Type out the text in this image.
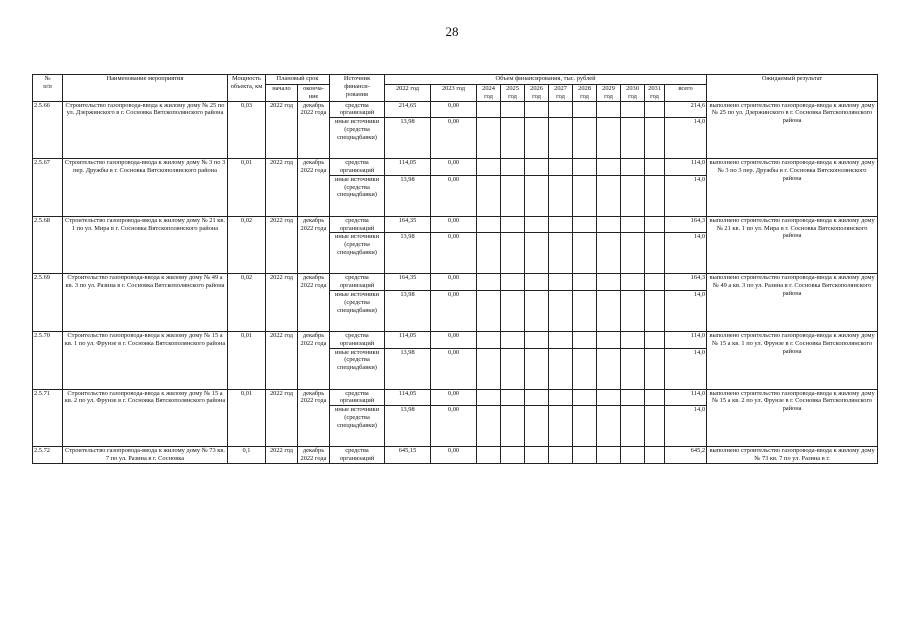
28
№
п/п	Наименование мероприятия	Мощность объекта, км	Плановый срок		Источник
финанси-
рования	Объем финансирования, тыс. рублей											Ожидаемый результат
			начало	оконча-
ние		2022 год	2023 год	2024 год	2025 год	2026 год	2027 год	2028 год	2029 год	2030 год	2031 год	всего	

2.5.66	Строительство газопровода-ввода к жилому дому № 25 по ул. Дзержинского в г. Сосновка Вятскополянского района	0,03	2022 год	декабрь 2022 года	средства организаций	214,65	0,00									214,6	выполнено строительство газопровода-ввода к жилому дому № 25 по ул. Дзержинского в г. Сосновка Вятскополянского района
					иные источники (средства спецнадбавки)	13,98	0,00									14,0	
2.5.67	Строительство газопровода-ввода к жилому дому № 3 по 3 пер. Дружбы в г. Сосновка Вятскополянского района	0,01	2022 год	декабрь 2022 года	средства организаций	114,05	0,00									114,0	выполнено строительство газопровода-ввода к жилому дому № 3 по 3 пер. Дружбы в г. Сосновка Вятскополянского района
					иные источники (средства спецнадбавки)	13,98	0,00									14,0	
2.5.68	Строительство газопровода-ввода к жилому дому № 21 кв. 1 по ул. Мира в г. Сосновка Вятскополянского района	0,02	2022 год	декабрь 2022 года	средства организаций	164,35	0,00									164,3	выполнено строительство газопровода-ввода к жилому дому № 21 кв. 1 по ул. Мира в г. Сосновка Вятскополянского района
					иные источники (средства спецнадбавки)	13,98	0,00									14,0	
2.5.69	Строительство газопровода-ввода к жилому дому № 49 а кв. 3 по ул. Разина в г. Сосновка Вятскополянского района	0,02	2022 год	декабрь 2022 года	средства организаций	164,35	0,00									164,3	выполнено строительство газопровода-ввода к жилому дому № 49 а кв. 3 по ул. Разина в г. Сосновка Вятскополянского района
					иные источники (средства спецнадбавки)	13,98	0,00									14,0	
2.5.70	Строительство газопровода-ввода к жилому дому № 15 а кв. 1 по ул. Фрунзе в г. Сосновка Вятскополянского района	0,01	2022 год	декабрь 2022 года	средства организаций	114,05	0,00									114,0	выполнено строительство газопровода-ввода к жилому дому № 15 а кв. 1 по ул. Фрунзе в г. Сосновка Вятскополянского района
					иные источники (средства спецнадбавки)	13,98	0,00									14,0	
2.5.71	Строительство газопровода-ввода к жилому дому № 15 а кв. 2 по ул. Фрунзе в г. Сосновка Вятскополянского района	0,01	2022 год	декабрь 2022 года	средства организаций	114,05	0,00									114,0	выполнено строительство газопровода-ввода к жилому дому № 15 а кв. 2 по ул. Фрунзе в г. Сосновка Вятскополянского района
					иные источники (средства спецнадбавки)	13,98	0,00									14,0	
2.5.72	Строительство газопровода-ввода к жилому дому № 73 кв. 7 по ул. Разина в г. Сосновка	0,1	2022 год	декабрь 2022 года	средства организаций	645,15	0,00									645,2	выполнено строительство газопровода-ввода к жилому дому № 73 кв. 7 по ул. Разина в г.
